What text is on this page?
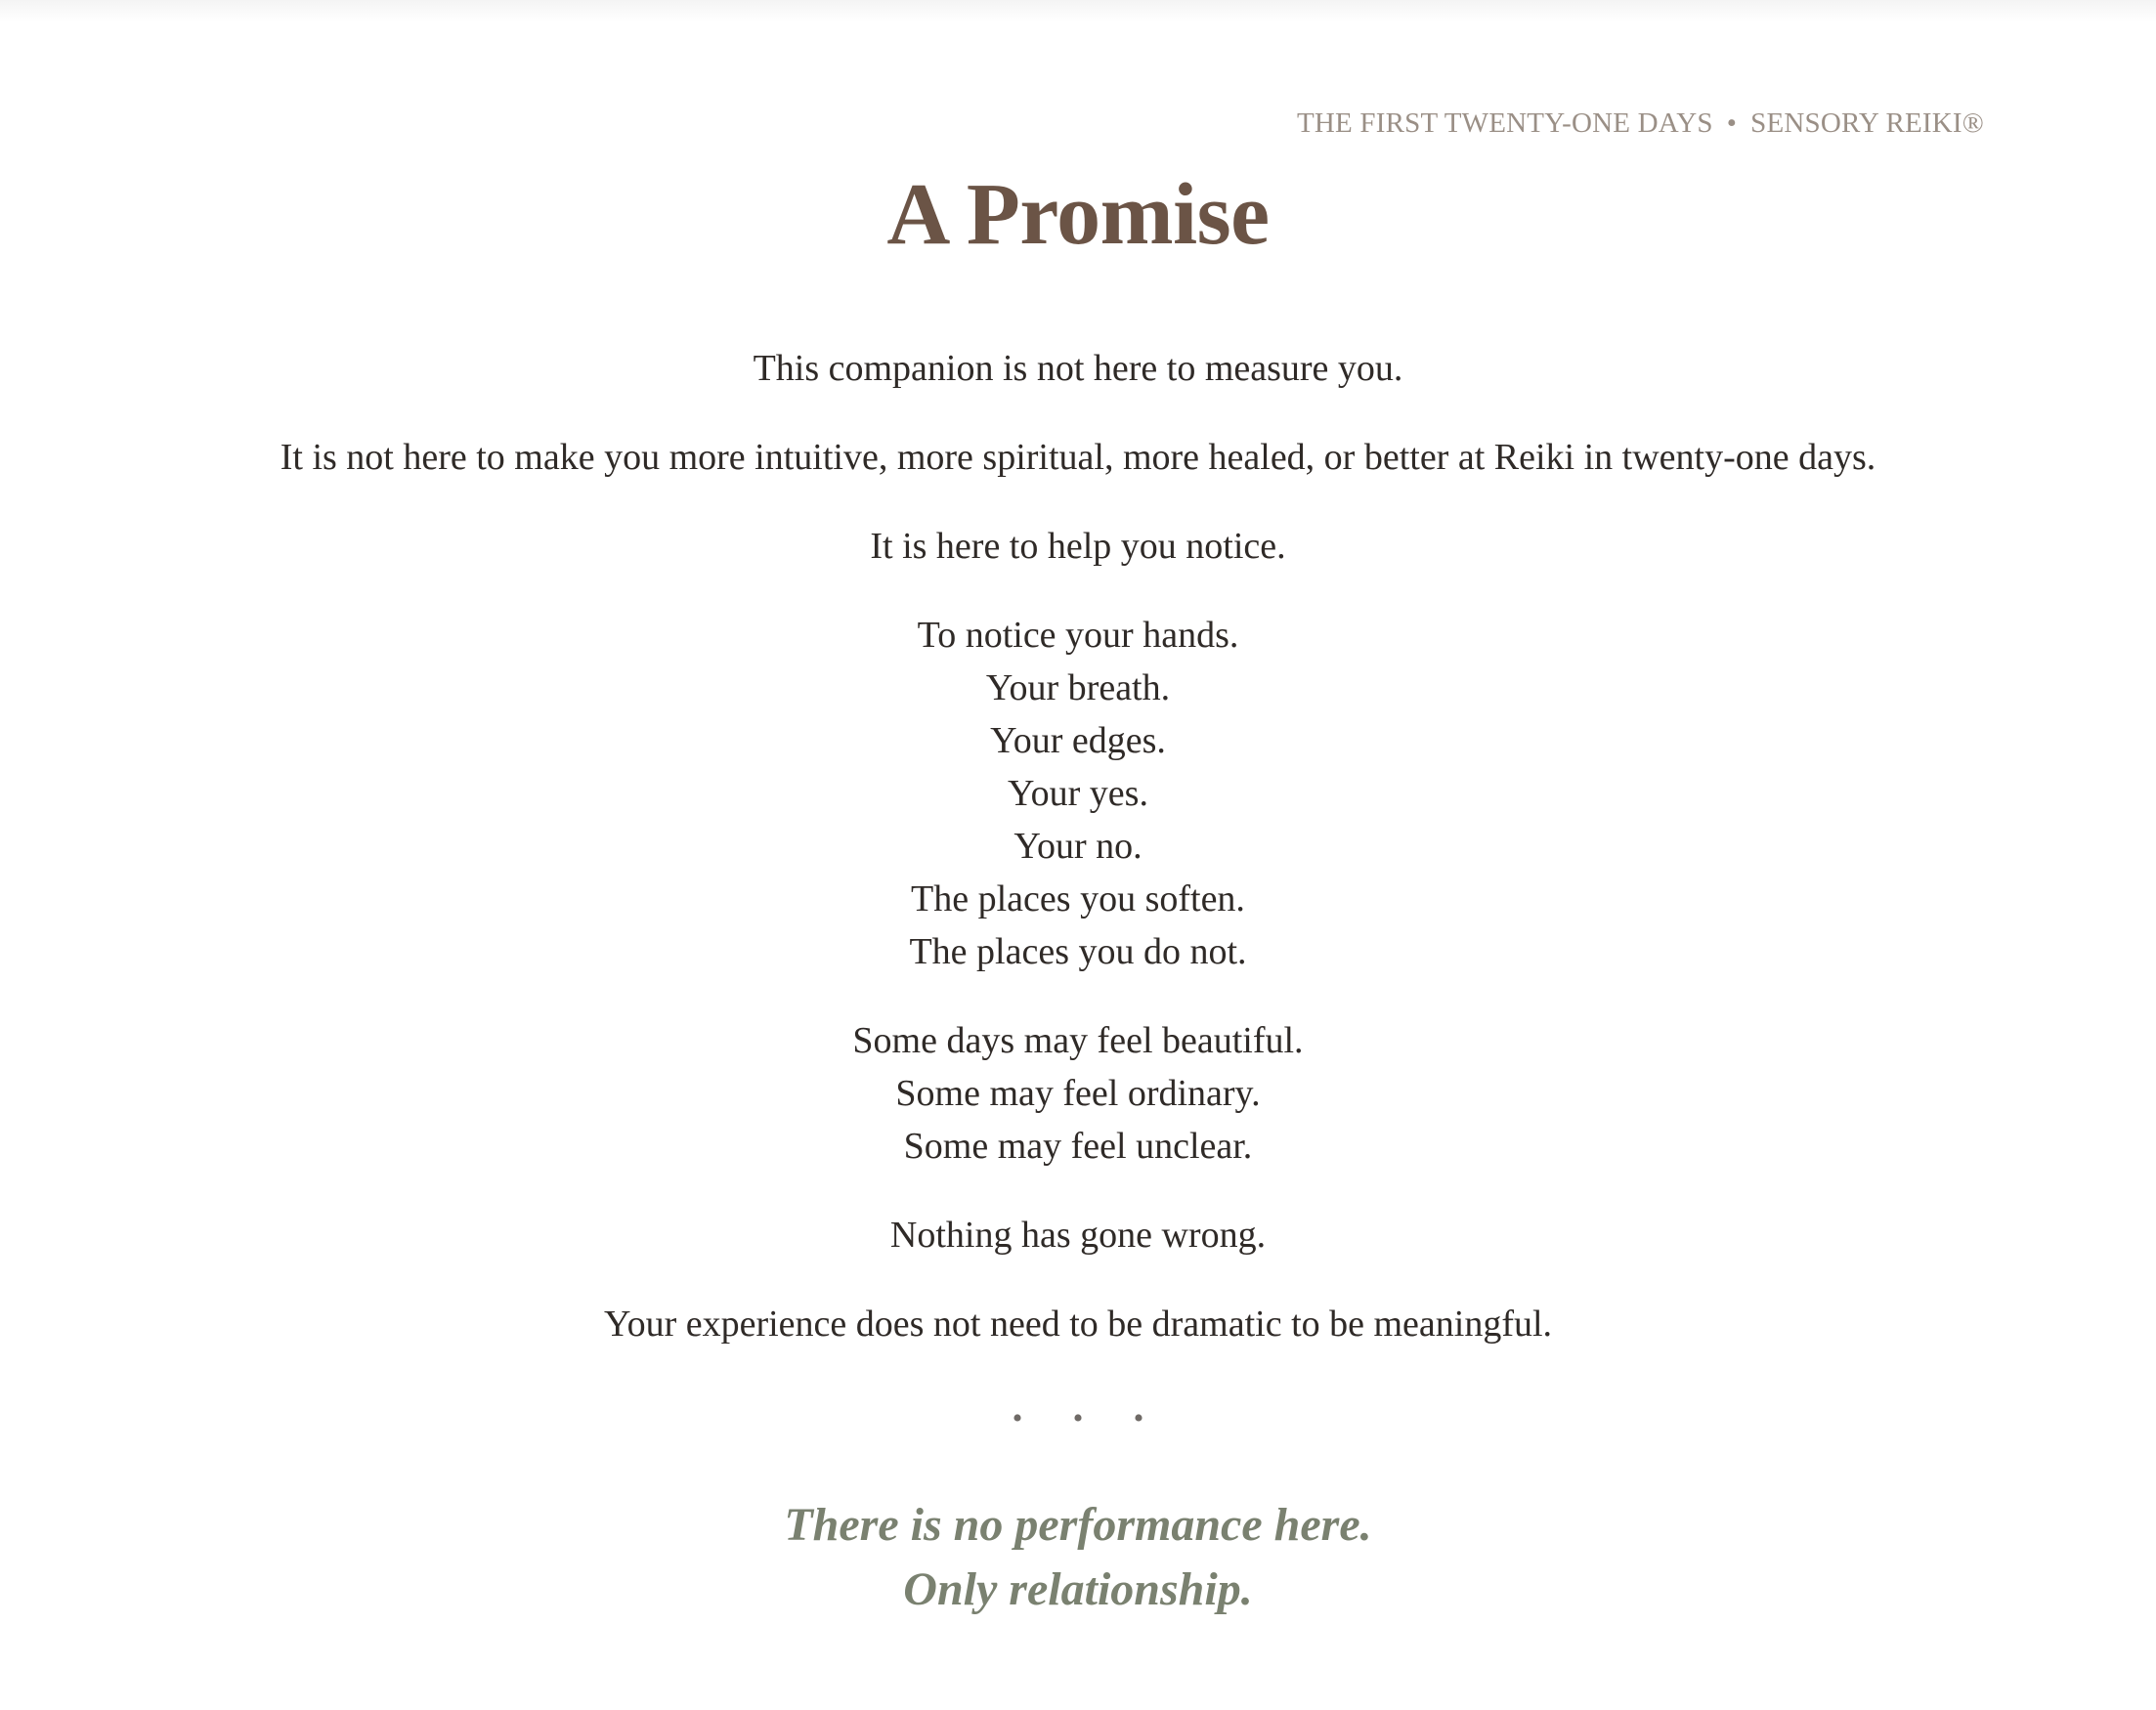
THE FIRST TWENTY-ONE DAYS • SENSORY REIKI®
A Promise

This companion is not here to measure you.

It is not here to make you more intuitive, more spiritual, more healed, or better at Reiki in twenty-one days.

It is here to help you notice.

To notice your hands.
Your breath.
Your edges.
Your yes.
Your no.
The places you soften.
The places you do not.

Some days may feel beautiful.
Some may feel ordinary.
Some may feel unclear.

Nothing has gone wrong.

Your experience does not need to be dramatic to be meaningful.

• • •
There is no performance here.
Only relationship.
